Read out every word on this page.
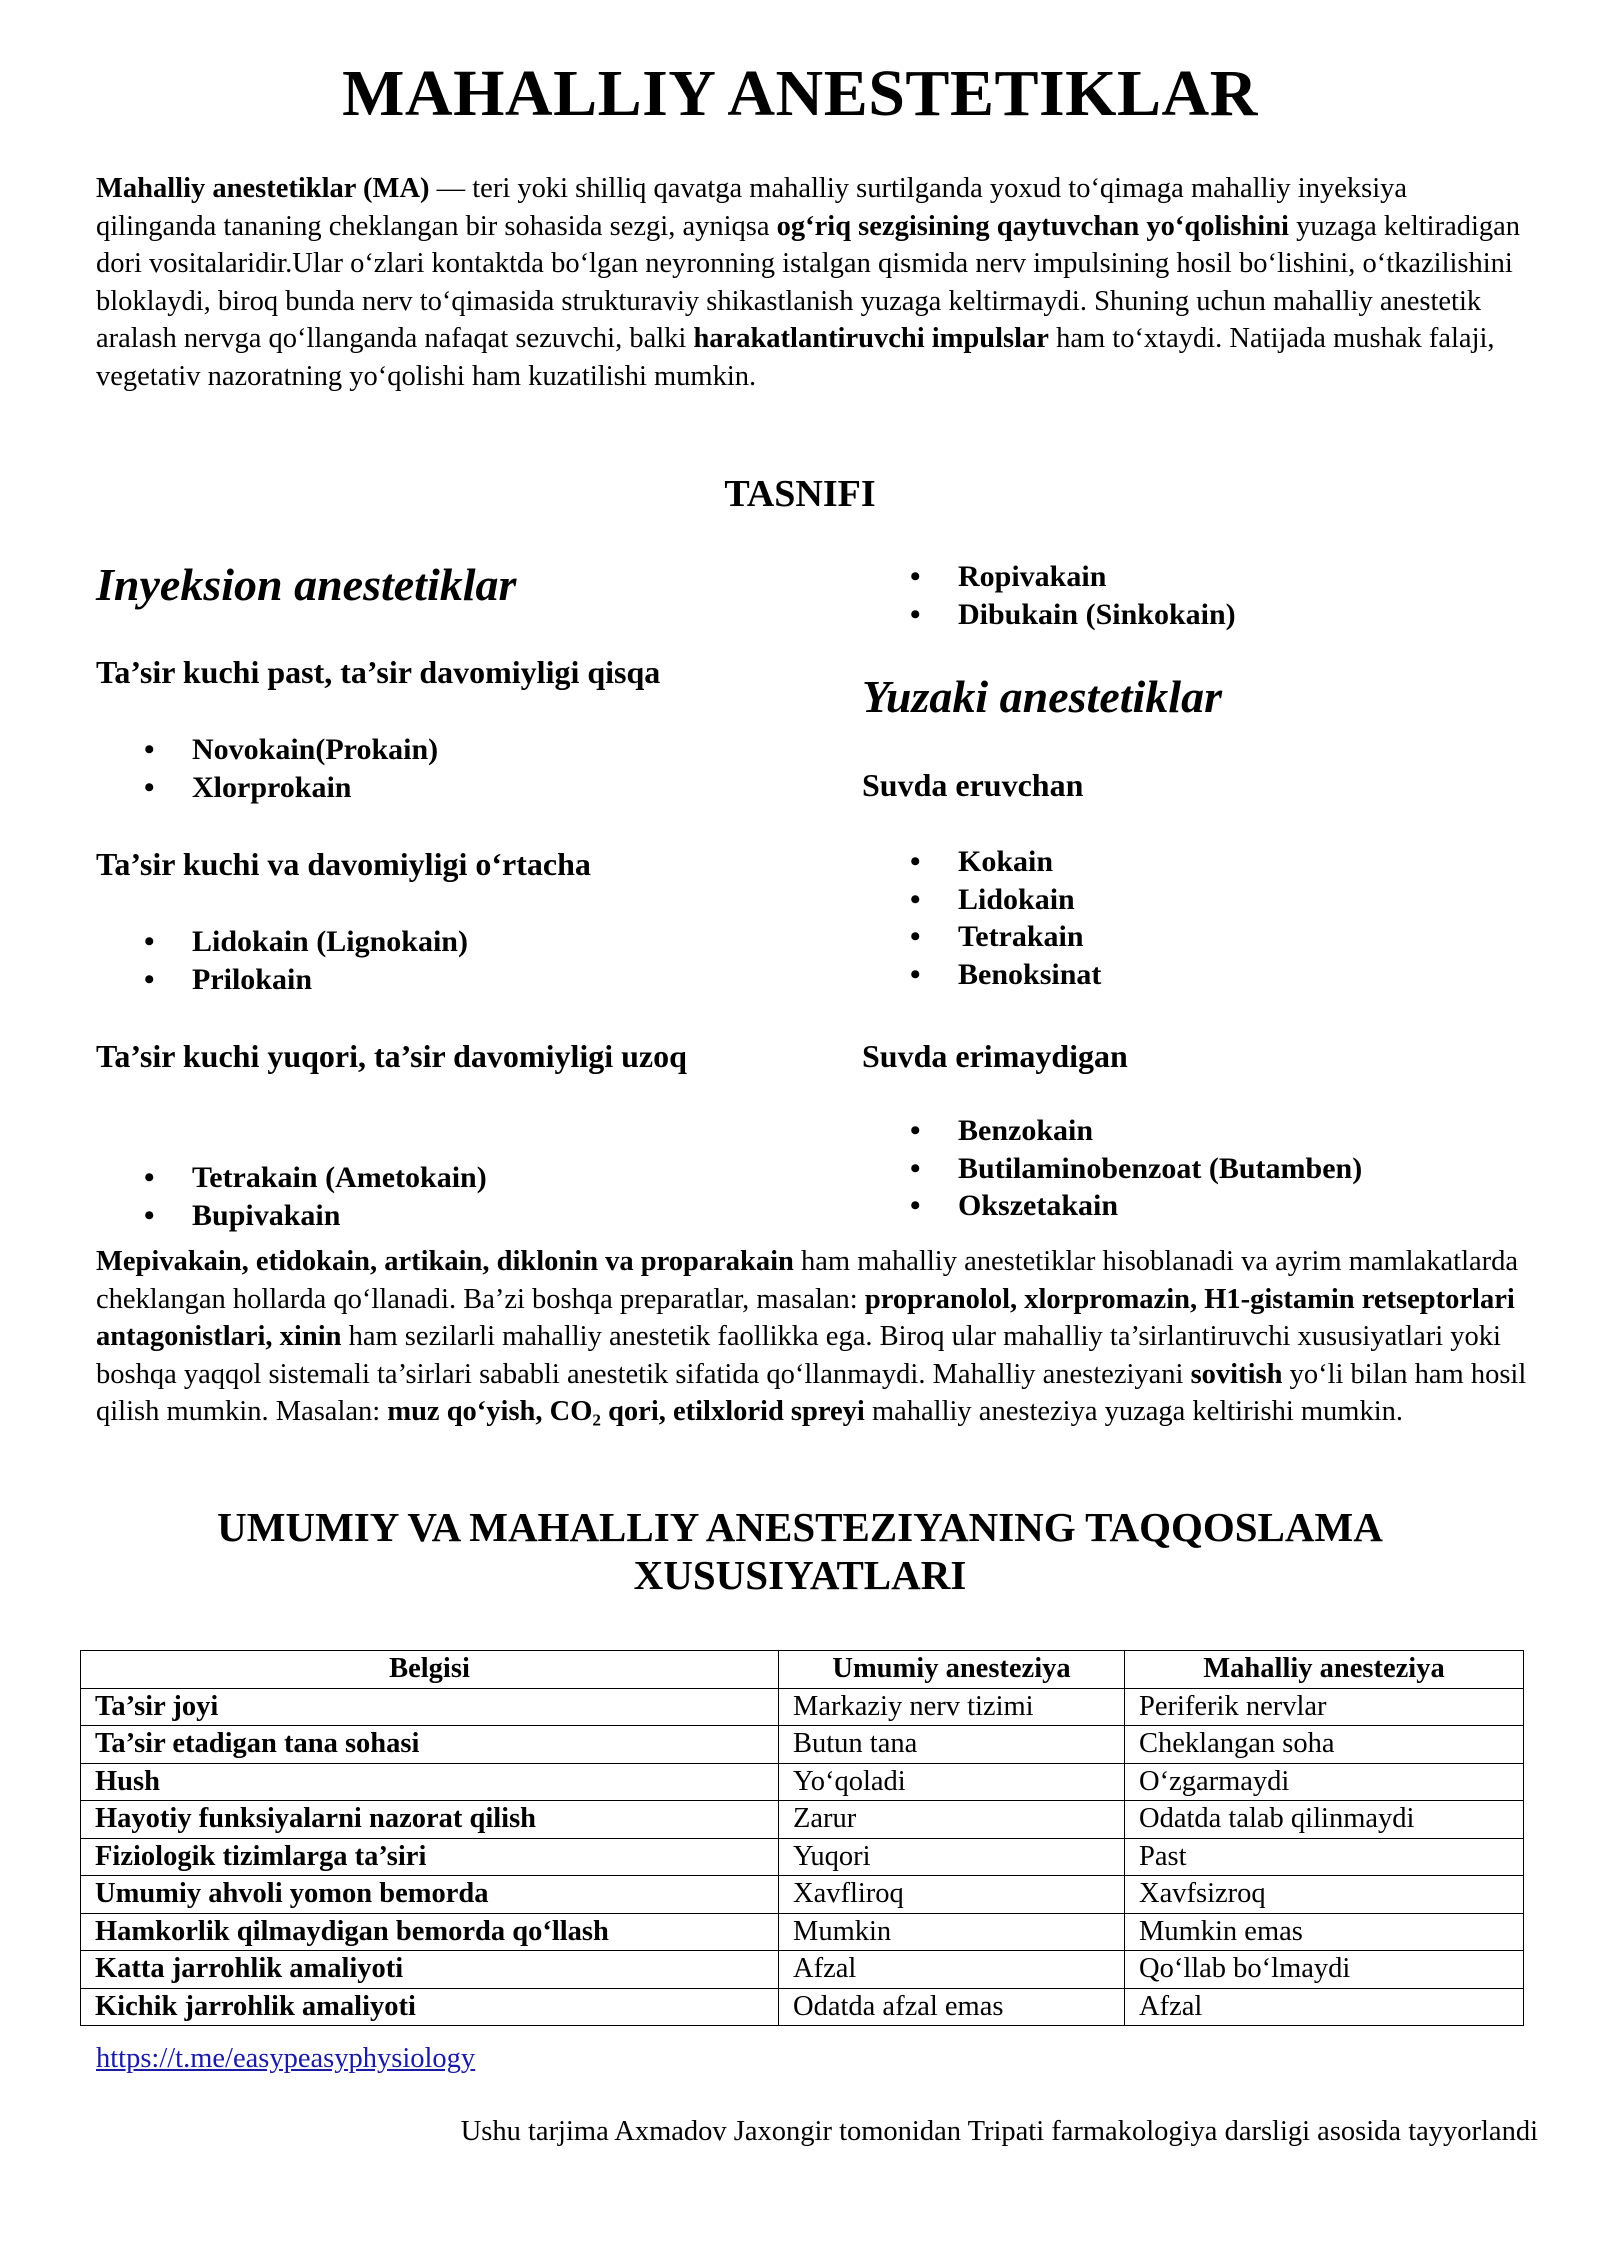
MAHALLIY ANESTETIKLAR

Mahalliy anestetiklar (MA) — teri yoki shilliq qavatga mahalliy surtilganda yoxud to‘qimaga mahalliy inyeksiya qilinganda tananing cheklangan bir sohasida sezgi, ayniqsa og‘riq sezgisining qaytuvchan yo‘qolishini yuzaga keltiradigan dori vositalaridir.Ular o‘zlari kontaktda bo‘lgan neyronning istalgan qismida nerv impulsining hosil bo‘lishini, o‘tkazilishini bloklaydi, biroq bunda nerv to‘qimasida strukturaviy shikastlanish yuzaga keltirmaydi. Shuning uchun mahalliy anestetik aralash nervga qo‘llanganda nafaqat sezuvchi, balki harakatlantiruvchi impulslar ham to‘xtaydi. Natijada mushak falaji, vegetativ nazoratning yo‘qolishi ham kuzatilishi mumkin.

TASNIFI
Inyeksion anestetiklar
Ta’sir kuchi past, ta’sir davomiyligi qisqa
• Novokain(Prokain)
• Xlorprokain
Ta’sir kuchi va davomiyligi o‘rtacha
• Lidokain (Lignokain)
• Prilokain
Ta’sir kuchi yuqori, ta’sir davomiyligi uzoq
• Tetrakain (Ametokain)
• Bupivakain
• Ropivakain
• Dibukain (Sinkokain)
Yuzaki anestetiklar
Suvda eruvchan
• Kokain
• Lidokain
• Tetrakain
• Benoksinat
Suvda erimaydigan
• Benzokain
• Butilaminobenzoat (Butamben)
• Okszetakain

Mepivakain, etidokain, artikain, diklonin va proparakain ham mahalliy anestetiklar hisoblanadi va ayrim mamlakatlarda cheklangan hollarda qo‘llanadi. Ba’zi boshqa preparatlar, masalan: propranolol, xlorpromazin, H1-gistamin retseptorlari antagonistlari, xinin ham sezilarli mahalliy anestetik faollikka ega. Biroq ular mahalliy ta’sirlantiruvchi xususiyatlari yoki boshqa yaqqol sistemali ta’sirlari sababli anestetik sifatida qo‘llanmaydi. Mahalliy anesteziyani sovitish yo‘li bilan ham hosil qilish mumkin. Masalan: muz qo‘yish, CO₂ qori, etilxlorid spreyi mahalliy anesteziya yuzaga keltirishi mumkin.

UMUMIY VA MAHALLIY ANESTEZIYANING TAQQOSLAMA XUSUSIYATLARI
Belgisi	Umumiy anesteziya	Mahalliy anesteziya
Ta’sir joyi	Markaziy nerv tizimi	Periferik nervlar
Ta’sir etadigan tana sohasi	Butun tana	Cheklangan soha
Hush	Yo‘qoladi	O‘zgarmaydi
Hayotiy funksiyalarni nazorat qilish	Zarur	Odatda talab qilinmaydi
Fiziologik tizimlarga ta’siri	Yuqori	Past
Umumiy ahvoli yomon bemorda	Xavfliroq	Xavfsizroq
Hamkorlik qilmaydigan bemorda qo‘llash	Mumkin	Mumkin emas
Katta jarrohlik amaliyoti	Afzal	Qo‘llab bo‘lmaydi
Kichik jarrohlik amaliyoti	Odatda afzal emas	Afzal
https://t.me/easypeasyphysiology
Ushu tarjima Axmadov Jaxongir tomonidan Tripati farmakologiya darsligi asosida tayyorlandi
